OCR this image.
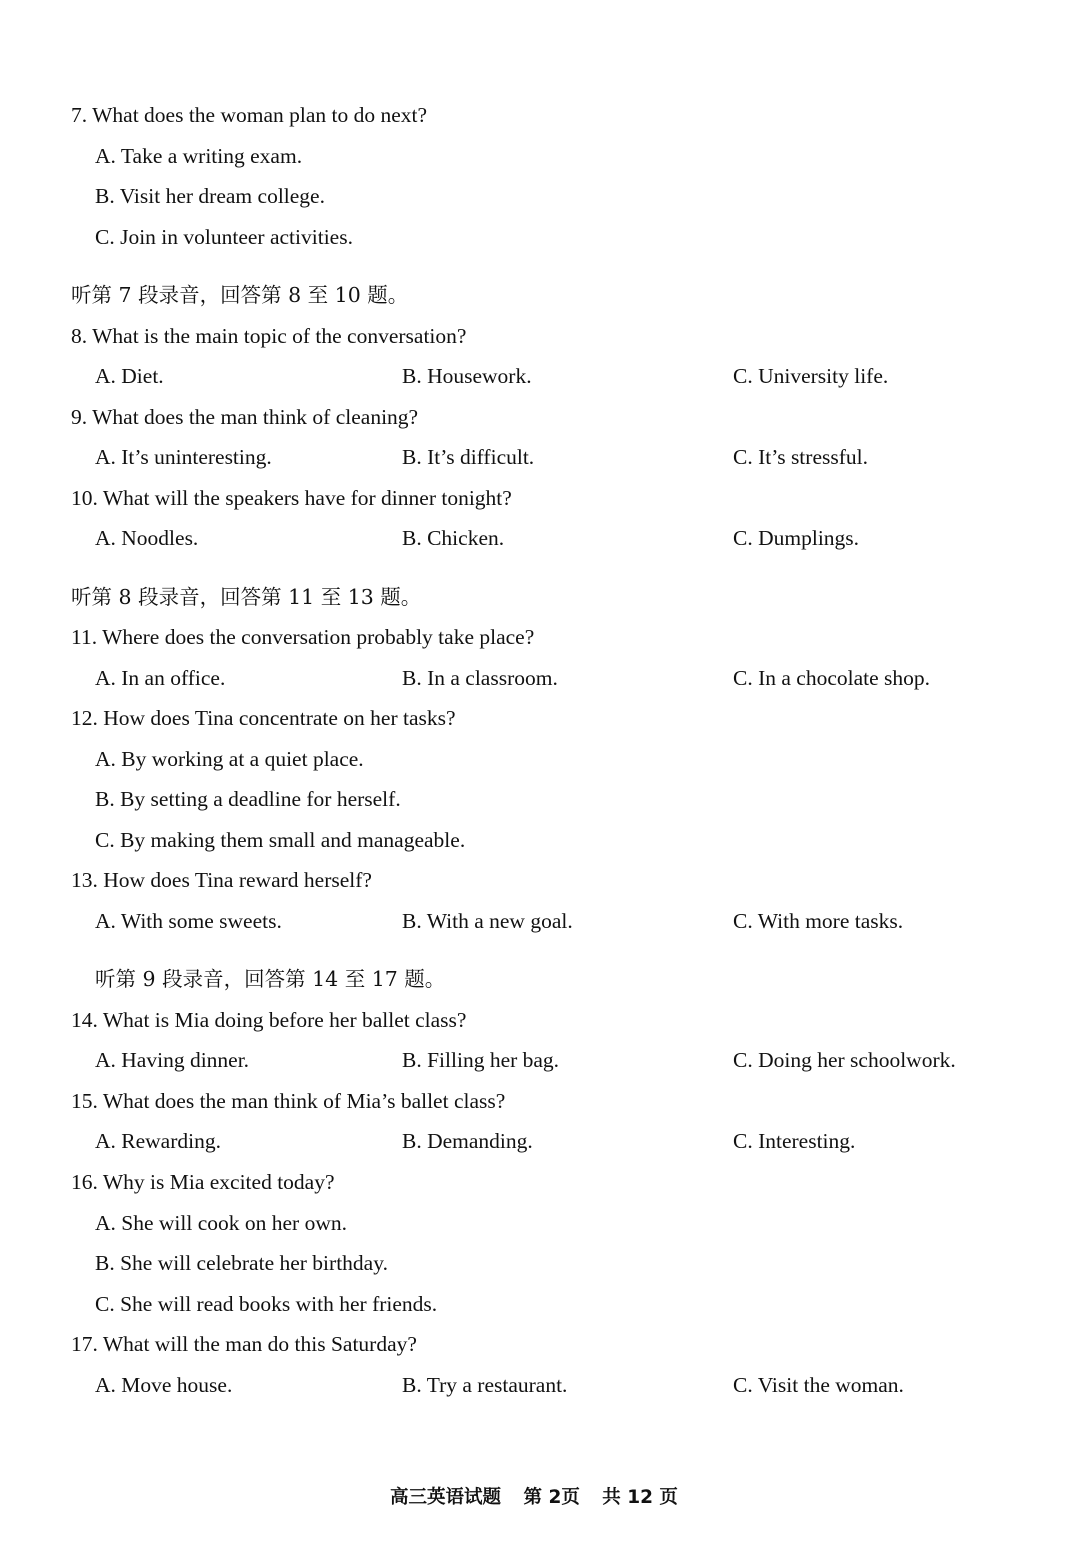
7. What does the woman plan to do next?
A. Take a writing exam.
B. Visit her dream college.
C. Join in volunteer activities.
听第 7 段录音，回答第 8 至 10 题。
8. What is the main topic of the conversation?
A. Diet.	B. Housework.	C. University life.
9. What does the man think of cleaning?
A. It’s uninteresting.	B. It’s difficult.	C. It’s stressful.
10. What will the speakers have for dinner tonight?
A. Noodles.	B. Chicken.	C. Dumplings.
听第 8 段录音，回答第 11 至 13 题。
11. Where does the conversation probably take place?
A. In an office.	B. In a classroom.	C. In a chocolate shop.
12. How does Tina concentrate on her tasks?
A. By working at a quiet place.
B. By setting a deadline for herself.
C. By making them small and manageable.
13. How does Tina reward herself?
A. With some sweets.	B. With a new goal.	C. With more tasks.
听第 9 段录音，回答第 14 至 17 题。
14. What is Mia doing before her ballet class?
A. Having dinner.	B. Filling her bag.	C. Doing her schoolwork.
15. What does the man think of Mia’s ballet class?
A. Rewarding.	B. Demanding.	C. Interesting.
16. Why is Mia excited today?
A. She will cook on her own.
B. She will celebrate her birthday.
C. She will read books with her friends.
17. What will the man do this Saturday?
A. Move house.	B. Try a restaurant.	C. Visit the woman.
高三英语试题 第 2页 共 12 页
